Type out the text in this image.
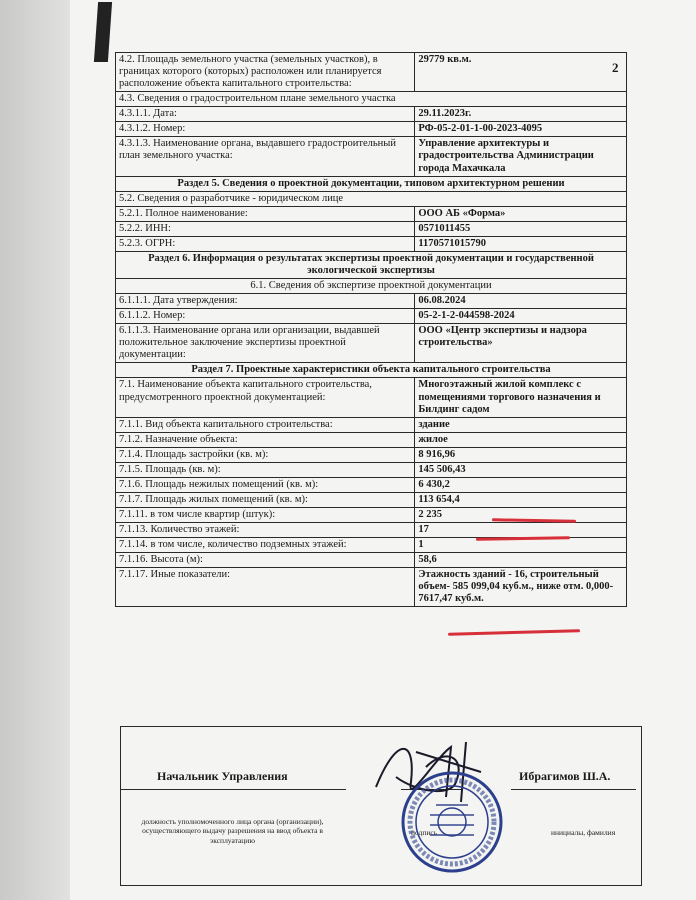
2
4.2. Площадь земельного участка (земельных участков), в границах которого (которых) расположен или планируется расположение объекта капитального строительства:	29779 кв.м.
4.3. Сведения о градостроительном плане земельного участка	
4.3.1.1. Дата:	29.11.2023г.
4.3.1.2. Номер:	РФ-05-2-01-1-00-2023-4095
4.3.1.3. Наименование органа, выдавшего градостроительный план земельного участка:	Управление архитектуры и градостроительства Администрации города Махачкала
Раздел 5. Сведения о проектной документации, типовом архитектурном решении	
5.2. Сведения о разработчике - юридическом лице	
5.2.1. Полное наименование:	ООО АБ «Форма»
5.2.2. ИНН:	0571011455
5.2.3. ОГРН:	1170571015790
Раздел 6. Информация о результатах экспертизы проектной документации и государственной экологической экспертизы	
6.1. Сведения об экспертизе проектной документации	
6.1.1.1. Дата утверждения:	06.08.2024
6.1.1.2. Номер:	05-2-1-2-044598-2024
6.1.1.3. Наименование органа или организации, выдавшей положительное заключение экспертизы проектной документации:	ООО «Центр экспертизы и надзора строительства»
Раздел 7. Проектные характеристики объекта капитального строительства	
7.1. Наименование объекта капитального строительства, предусмотренного проектной документацией:	Многоэтажный жилой комплекс с помещениями торгового назначения и Билдинг садом
7.1.1. Вид объекта капитального строительства:	здание
7.1.2. Назначение объекта:	жилое
7.1.4. Площадь застройки (кв. м):	8 916,96
7.1.5. Площадь (кв. м):	145 506,43
7.1.6. Площадь нежилых помещений (кв. м):	6 430,2
7.1.7. Площадь жилых помещений (кв. м):	113 654,4
7.1.11. в том числе квартир (штук):	2 235
7.1.13. Количество этажей:	17
7.1.14. в том числе, количество подземных этажей:	1
7.1.16. Высота (м):	58,6
7.1.17. Иные показатели:	Этажность зданий - 16, строительный объем- 585 099,04 куб.м., ниже отм. 0,000-7617,47 куб.м.
Начальник Управления
должность уполномоченного лица органа (организации), осуществляющего выдачу разрешения на ввод объекта в эксплуатацию
подпись
Ибрагимов Ш.А.
инициалы, фамилия
